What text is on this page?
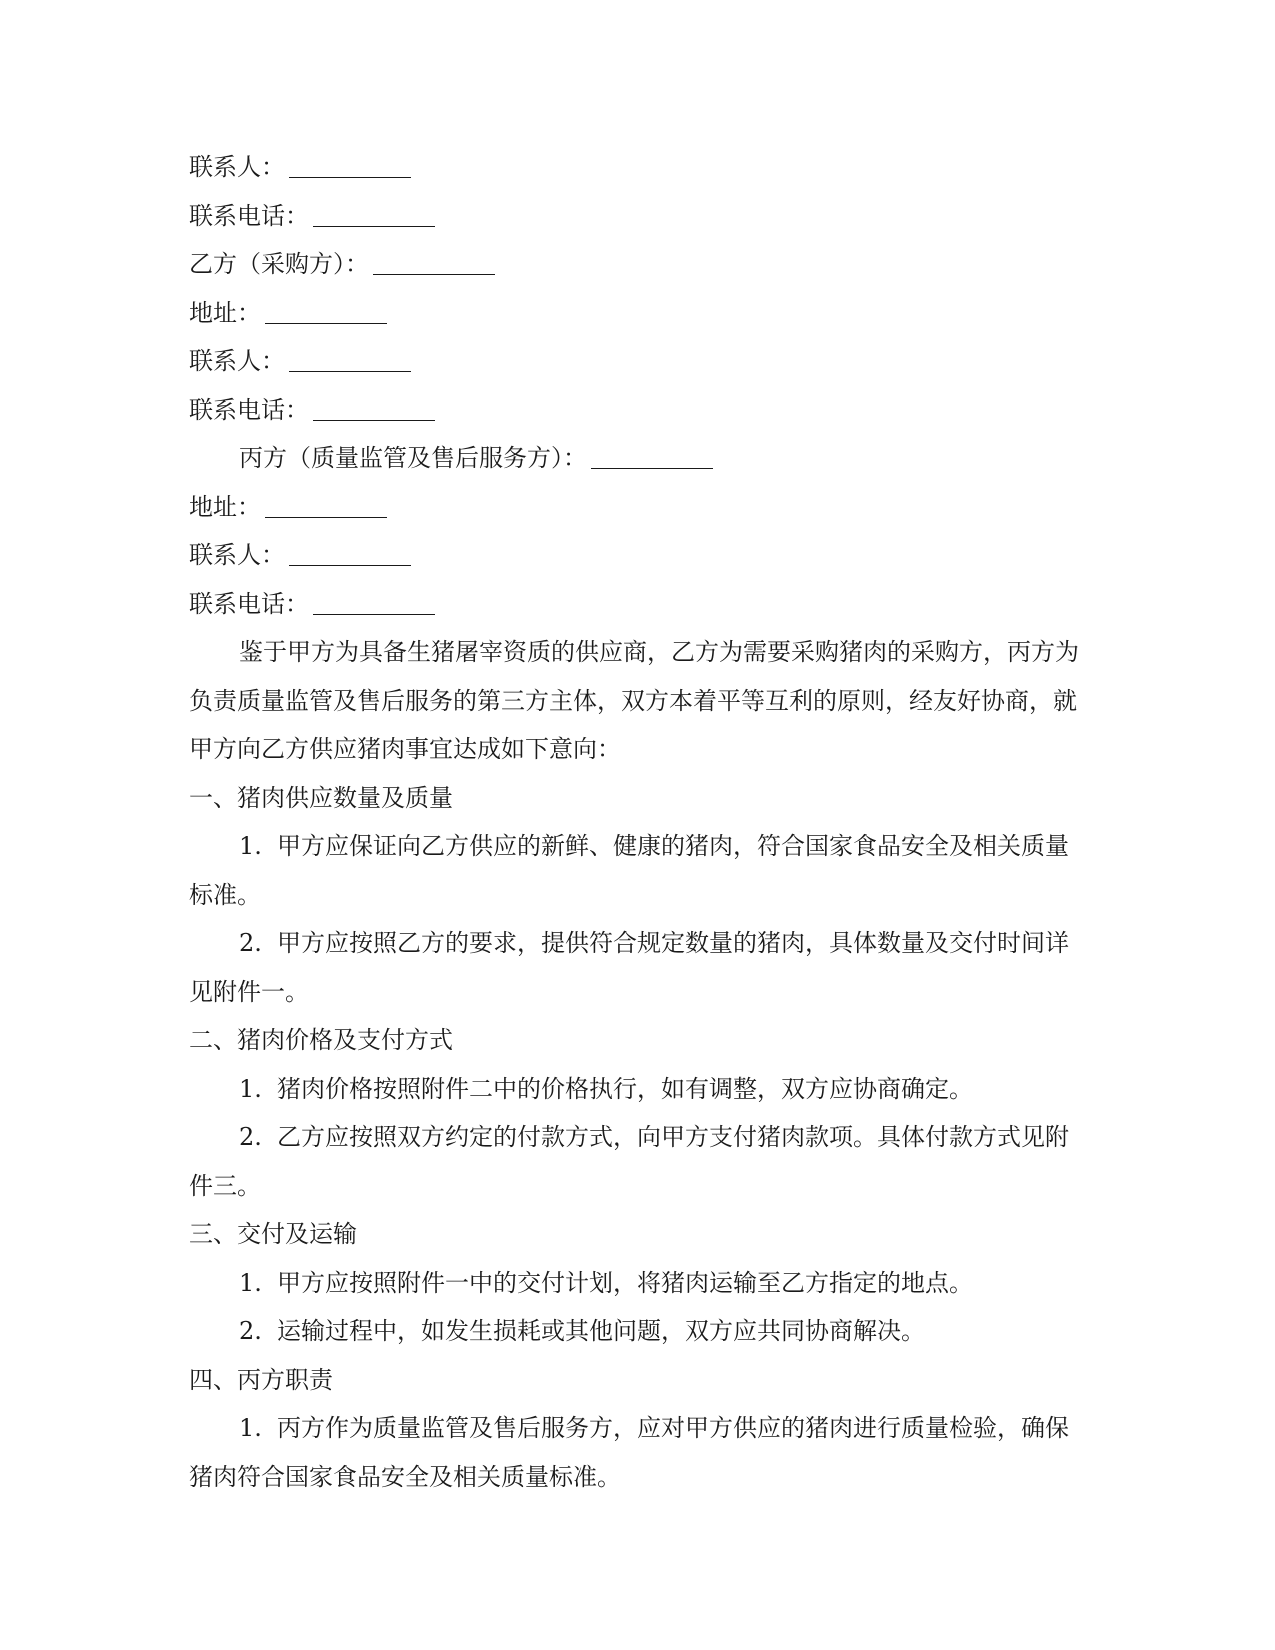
联系人：
联系电话：
乙方（采购方）：
地址：
联系人：
联系电话：
丙方（质量监管及售后服务方）：
地址：
联系人：
联系电话：
鉴于甲方为具备生猪屠宰资质的供应商，乙方为需要采购猪肉的采购方，丙方为负责质量监管及售后服务的第三方主体，双方本着平等互利的原则，经友好协商，就甲方向乙方供应猪肉事宜达成如下意向：
一、猪肉供应数量及质量
1. 甲方应保证向乙方供应的新鲜、健康的猪肉，符合国家食品安全及相关质量标准。
2. 甲方应按照乙方的要求，提供符合规定数量的猪肉，具体数量及交付时间详见附件一。
二、猪肉价格及支付方式
1. 猪肉价格按照附件二中的价格执行，如有调整，双方应协商确定。
2. 乙方应按照双方约定的付款方式，向甲方支付猪肉款项。具体付款方式见附件三。
三、交付及运输
1. 甲方应按照附件一中的交付计划，将猪肉运输至乙方指定的地点。
2. 运输过程中，如发生损耗或其他问题，双方应共同协商解决。
四、丙方职责
1. 丙方作为质量监管及售后服务方，应对甲方供应的猪肉进行质量检验，确保猪肉符合国家食品安全及相关质量标准。
